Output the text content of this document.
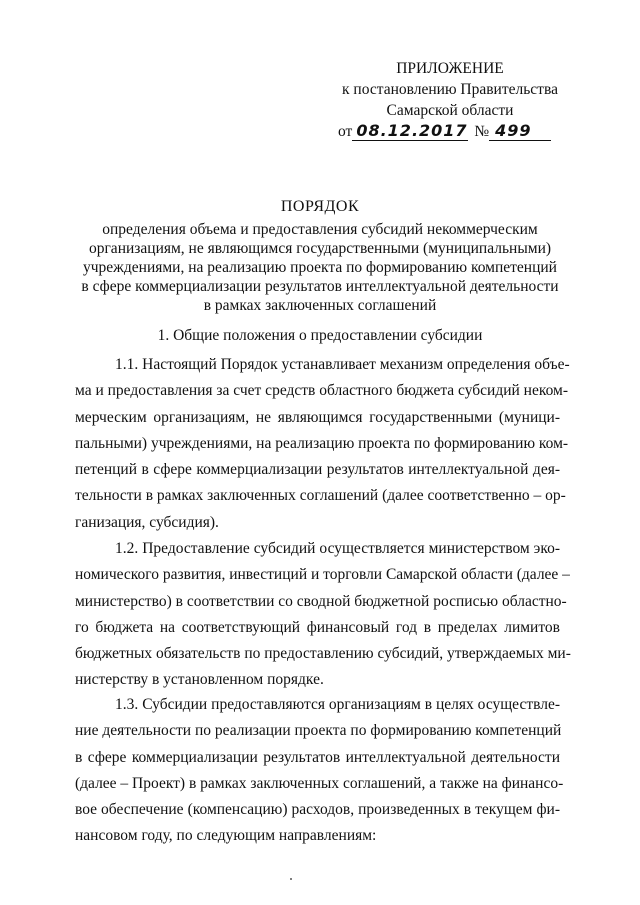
ПРИЛОЖЕНИЕ
к постановлению Правительства
Самарской области
от 08.12.2017 № 499
ПОРЯДОК
определения объема и предоставления субсидий некоммерческим
организациям, не являющимся государственными (муниципальными)
учреждениями, на реализацию проекта по формированию компетенций
в сфере коммерциализации результатов интеллектуальной деятельности
в рамках заключенных соглашений
1. Общие положения о предоставлении субсидии
1.1. Настоящий Порядок устанавливает механизм определения объе-
ма и предоставления за счет средств областного бюджета субсидий неком-
мерческим организациям, не являющимся государственными (муници-
пальными) учреждениями, на реализацию проекта по формированию ком-
петенций в сфере коммерциализации результатов интеллектуальной дея-
тельности в рамках заключенных соглашений (далее соответственно – ор-
ганизация, субсидия).
1.2. Предоставление субсидий осуществляется министерством эко-
номического развития, инвестиций и торговли Самарской области (далее –
министерство) в соответствии со сводной бюджетной росписью областно-
го бюджета на соответствующий финансовый год в пределах лимитов
бюджетных обязательств по предоставлению субсидий, утверждаемых ми-
нистерству в установленном порядке.
1.3. Субсидии предоставляются организациям в целях осуществле-
ние деятельности по реализации проекта по формированию компетенций
в сфере коммерциализации результатов интеллектуальной деятельности
(далее – Проект) в рамках заключенных соглашений, а также на финансо-
вое обеспечение (компенсацию) расходов, произведенных в текущем фи-
нансовом году, по следующим направлениям:
